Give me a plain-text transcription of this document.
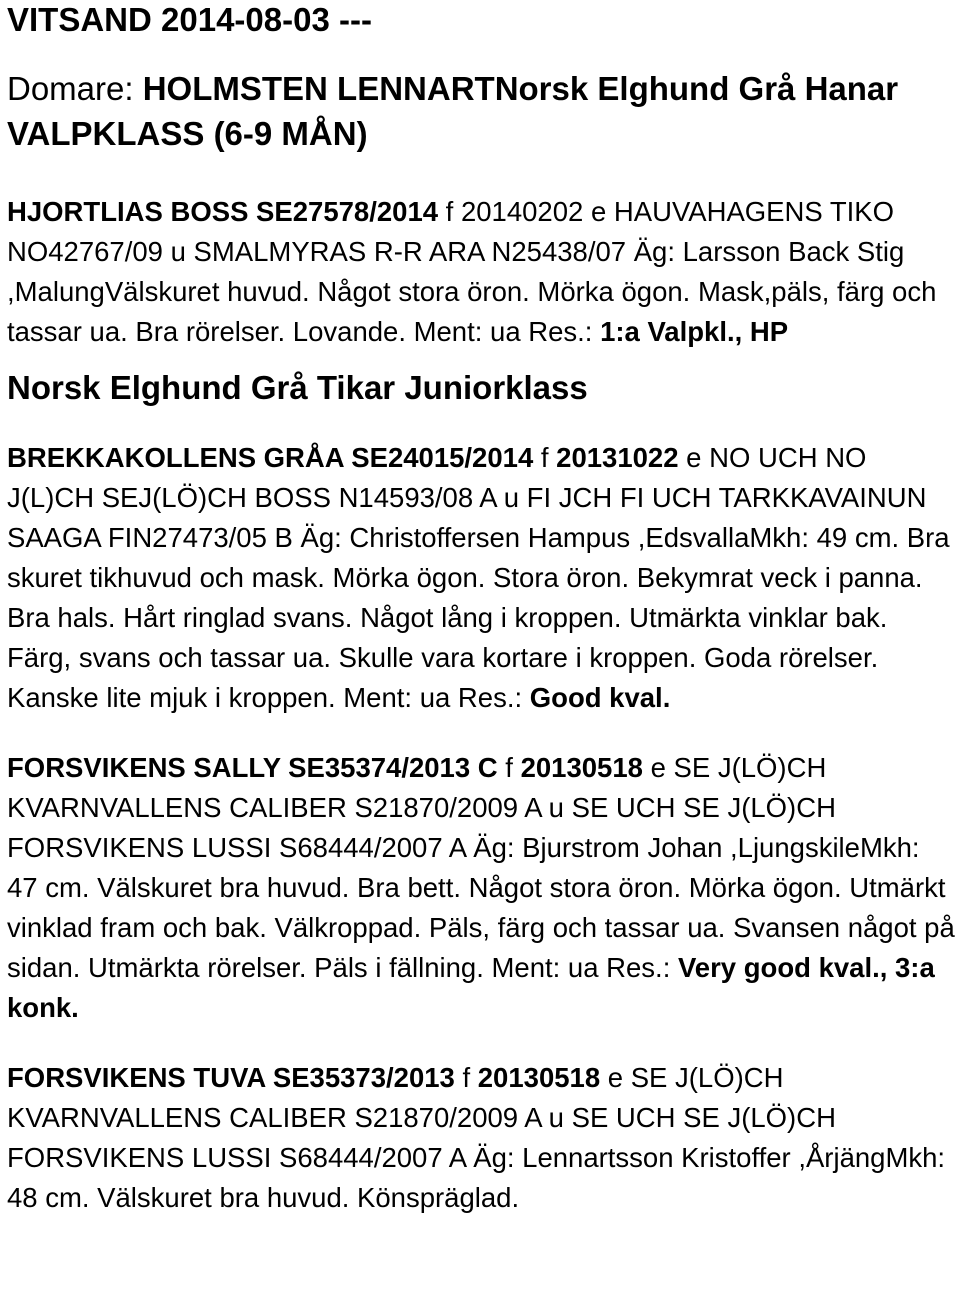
VITSAND 2014-08-03 ---
Domare: HOLMSTEN LENNARTNorsk Elghund Grå Hanar VALPKLASS (6-9 MÅN)
HJORTLIAS BOSS SE27578/2014 f 20140202 e HAUVAHAGENS TIKO NO42767/09 u SMALMYRAS R-R ARA N25438/07 Äg: Larsson Back Stig ,MalungVälskuret huvud. Något stora öron. Mörka ögon. Mask,päls, färg och tassar ua. Bra rörelser. Lovande. Ment: ua Res.: 1:a Valpkl., HP
Norsk Elghund Grå Tikar Juniorklass
BREKKAKOLLENS GRÅA SE24015/2014 f 20131022 e NO UCH NO J(L)CH SEJ(LÖ)CH BOSS N14593/08 A u FI JCH FI UCH TARKKAVAINUN SAAGA FIN27473/05 B Äg: Christoffersen Hampus ,EdsvallaMkh: 49 cm. Bra skuret tikhuvud och mask. Mörka ögon. Stora öron. Bekymrat veck i panna. Bra hals. Hårt ringlad svans. Något lång i kroppen. Utmärkta vinklar bak. Färg, svans och tassar ua. Skulle vara kortare i kroppen. Goda rörelser. Kanske lite mjuk i kroppen. Ment: ua Res.: Good kval.
FORSVIKENS SALLY SE35374/2013 C f 20130518 e SE J(LÖ)CH KVARNVALLENS CALIBER S21870/2009 A u SE UCH SE J(LÖ)CH FORSVIKENS LUSSI S68444/2007 A Äg: Bjurstrom Johan ,LjungskileMkh: 47 cm. Välskuret bra huvud. Bra bett. Något stora öron. Mörka ögon. Utmärkt vinklad fram och bak. Välkroppad. Päls, färg och tassar ua. Svansen något på sidan. Utmärkta rörelser. Päls i fällning. Ment: ua Res.: Very good kval., 3:a konk.
FORSVIKENS TUVA SE35373/2013 f 20130518 e SE J(LÖ)CH KVARNVALLENS CALIBER S21870/2009 A u SE UCH SE J(LÖ)CH FORSVIKENS LUSSI S68444/2007 A Äg: Lennartsson Kristoffer ,ÅrjängMkh: 48 cm. Välskuret bra huvud. Könspräglad.
